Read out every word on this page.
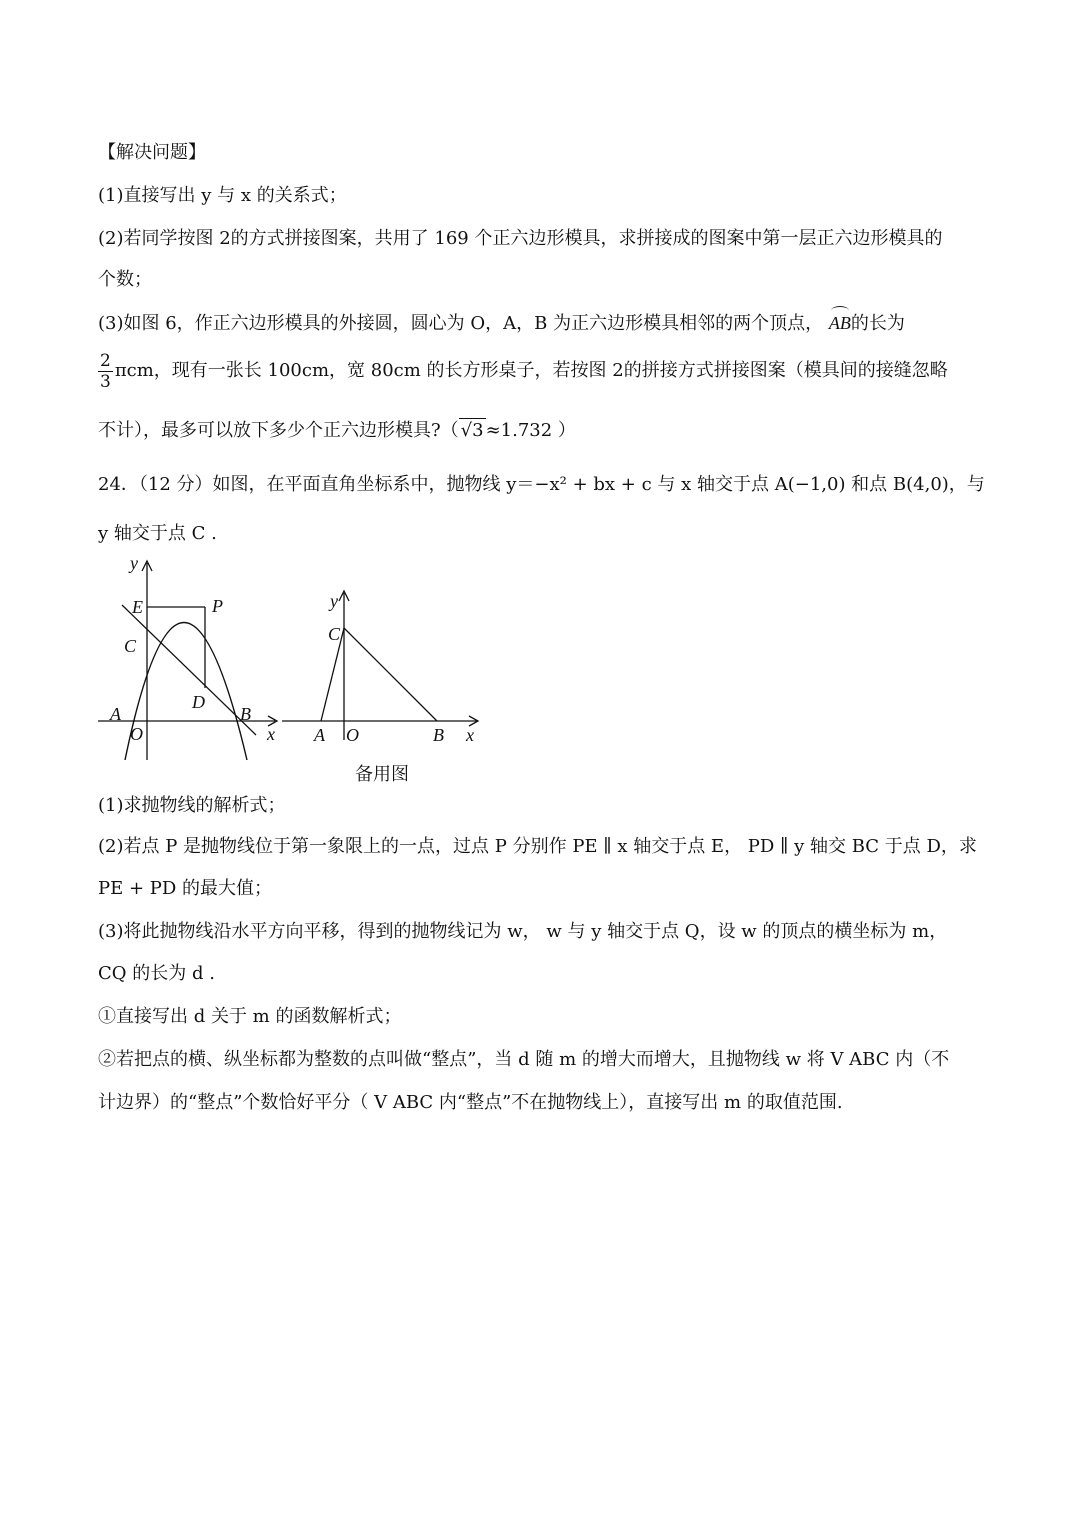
【解决问题】
(1)直接写出 y 与 x 的关系式；
(2)若同学按图 2的方式拼接图案，共用了 169 个正六边形模具，求拼接成的图案中第一层正六边形模具的
个数；
(3)如图 6，作正六边形模具的外接圆，圆心为 O，A，B 为正六边形模具相邻的两个顶点， AB的长为
$\frac{2}{3}$ πcm，现有一张长 100cm，宽 80cm 的长方形桌子，若按图 2的拼接方式拼接图案（模具间的接缝忽略
不计），最多可以放下多少个正六边形模具?（ √3 ≈1.732 ）
24．（12 分）如图，在平面直角坐标系中，抛物线 y＝−x² + bx + c 与 x 轴交于点 A(−1,0) 和点 B(4,0)，与
y 轴交于点 C .
y
x
E	P
C
D
A
O
B
y
x
C
A O	B
备用图
(1)求抛物线的解析式；
(2)若点 P 是抛物线位于第一象限上的一点，过点 P 分别作 PE ∥ x 轴交于点 E， PD ∥ y 轴交 BC 于点 D，求
PE + PD 的最大值；
(3)将此抛物线沿水平方向平移，得到的抛物线记为 w， w 与 y 轴交于点 Q，设 w 的顶点的横坐标为 m，
CQ 的长为 d .
①直接写出 d 关于 m 的函数解析式；
②若把点的横、纵坐标都为整数的点叫做“整点”，当 d 随 m 的增大而增大，且抛物线 w 将 V ABC 内（不
计边界）的“整点”个数恰好平分（ V ABC 内“整点”不在抛物线上），直接写出 m 的取值范围.
